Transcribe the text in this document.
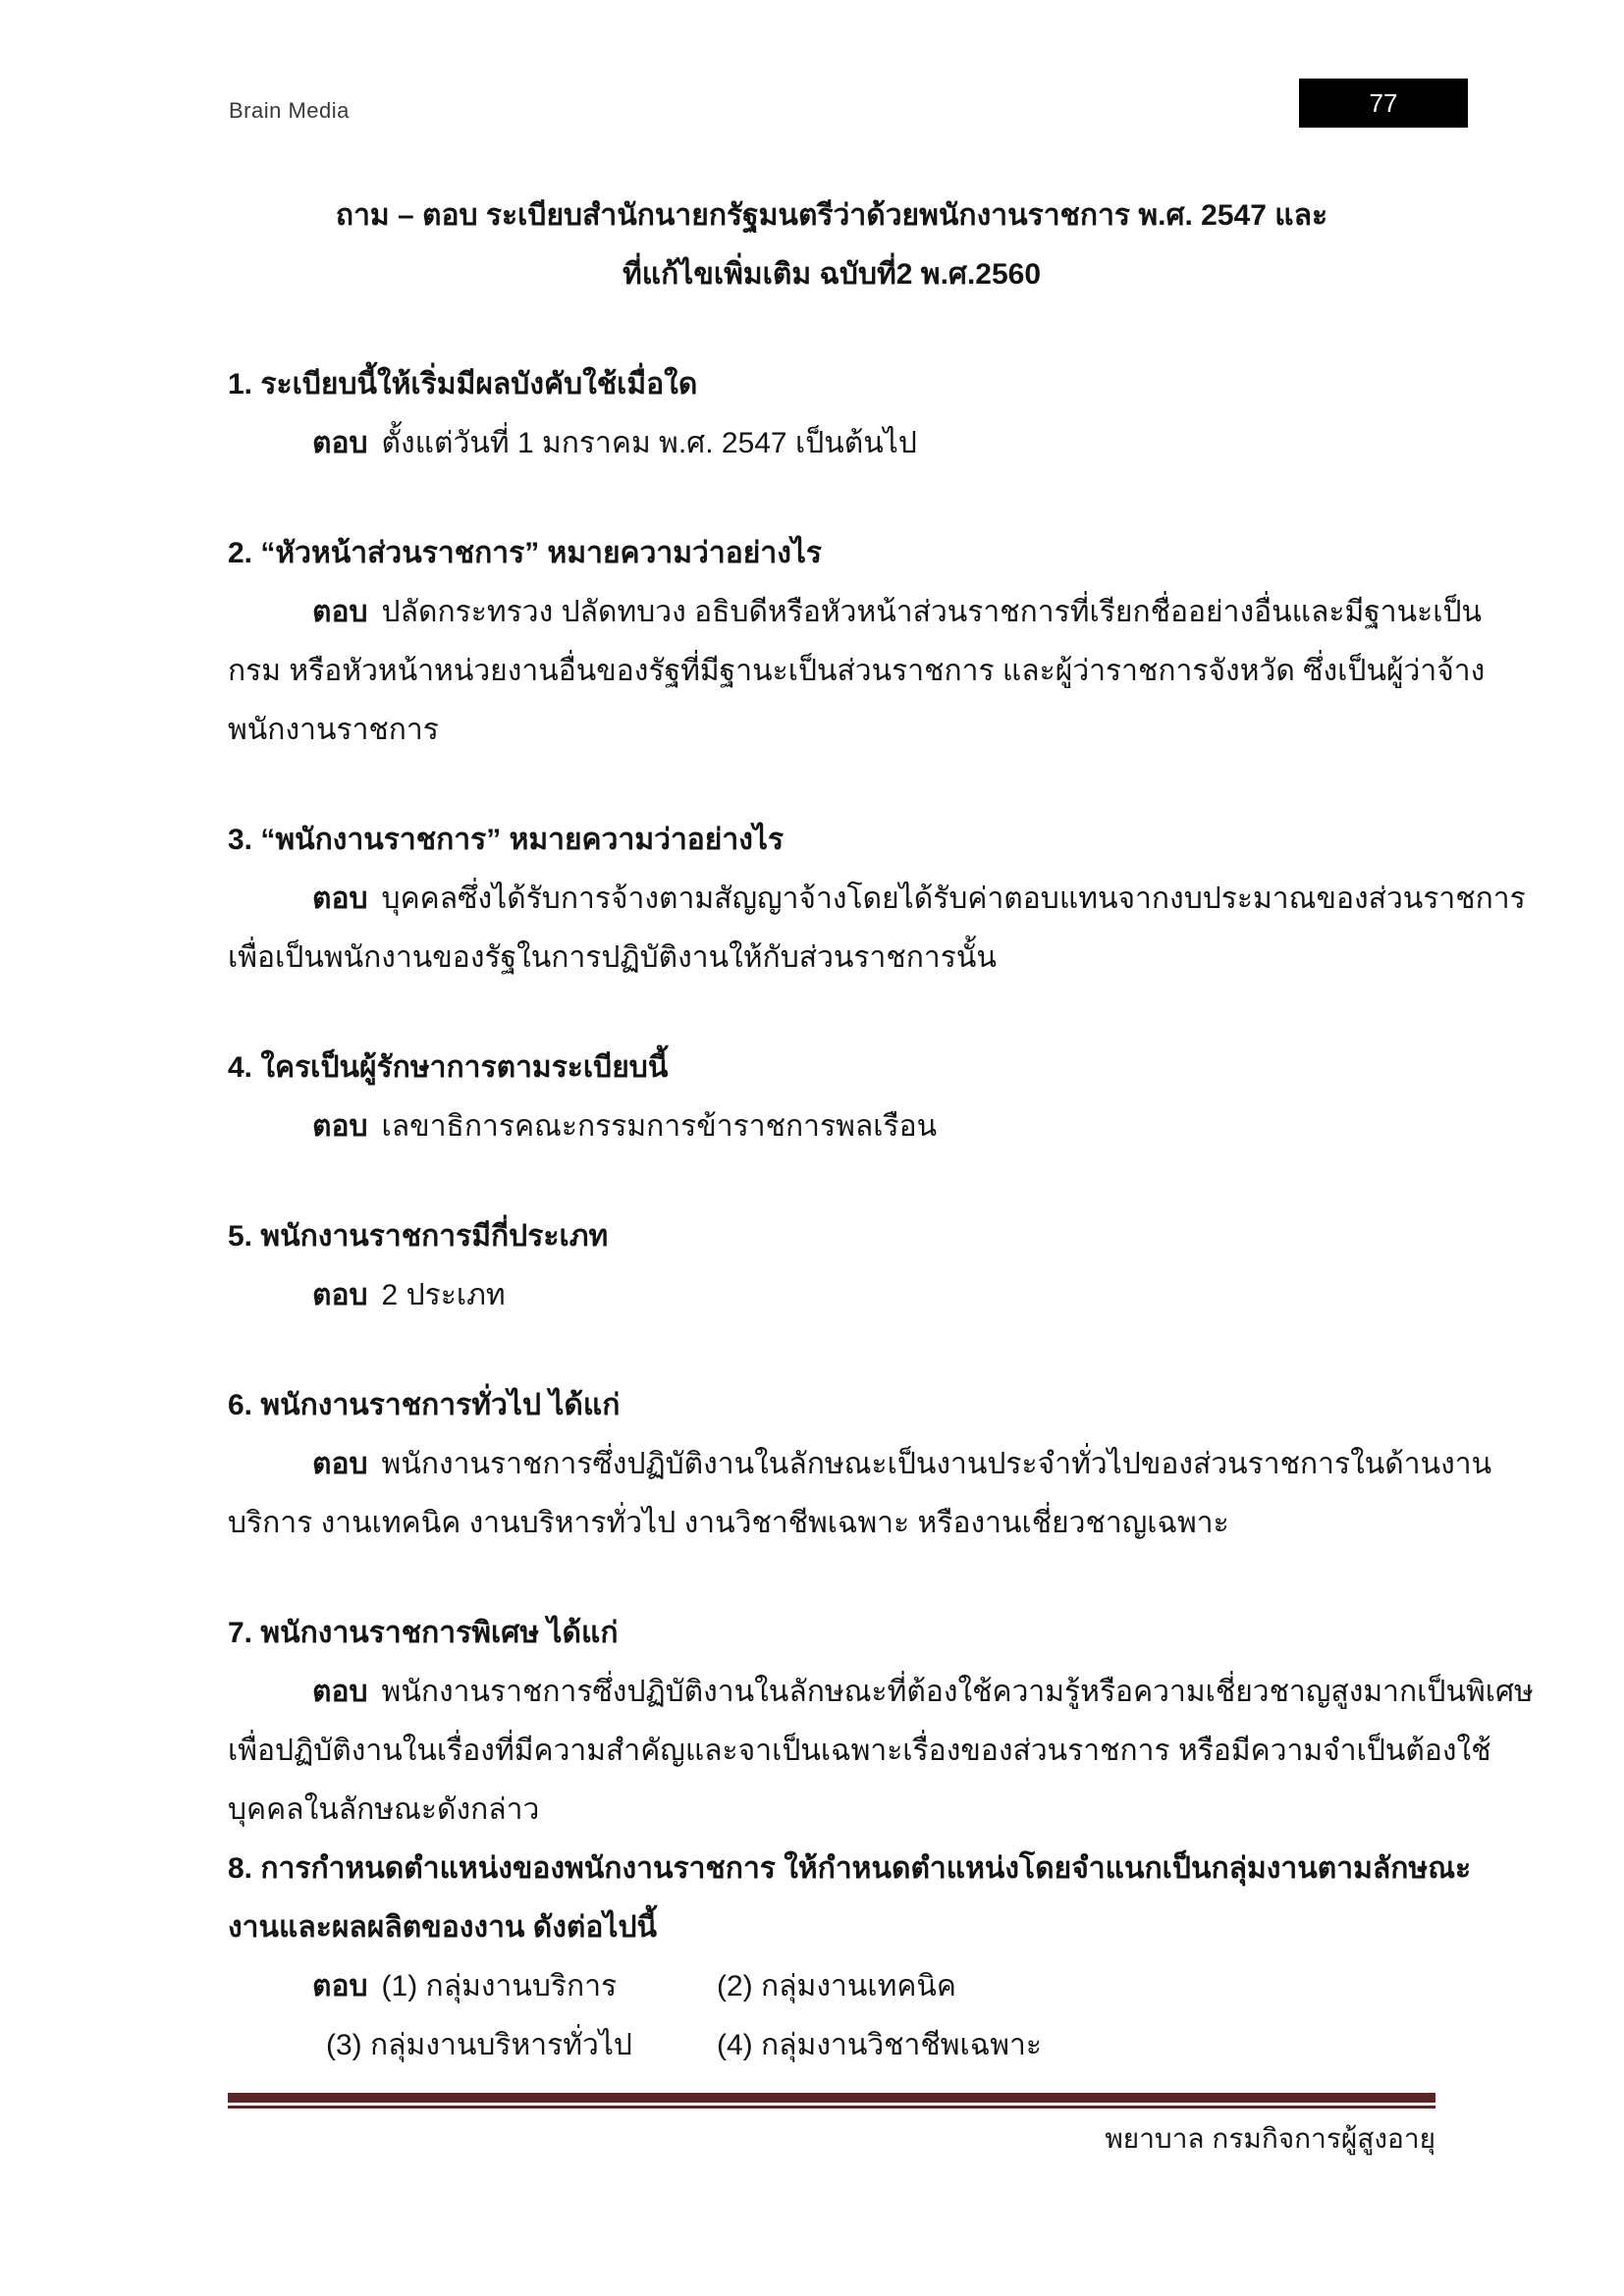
Brain Media	77
ถาม – ตอบ ระเบียบสำนักนายกรัฐมนตรีว่าด้วยพนักงานราชการ พ.ศ. 2547 และ
ที่แก้ไขเพิ่มเติม ฉบับที่2 พ.ศ.2560
1. ระเบียบนี้ให้เริ่มมีผลบังคับใช้เมื่อใด
ตอบ ตั้งแต่วันที่ 1 มกราคม พ.ศ. 2547 เป็นต้นไป
2. “หัวหน้าส่วนราชการ” หมายความว่าอย่างไร
ตอบ ปลัดกระทรวง ปลัดทบวง อธิบดีหรือหัวหน้าส่วนราชการที่เรียกชื่ออย่างอื่นและมีฐานะเป็น
กรม หรือหัวหน้าหน่วยงานอื่นของรัฐที่มีฐานะเป็นส่วนราชการ และผู้ว่าราชการจังหวัด ซึ่งเป็นผู้ว่าจ้าง
พนักงานราชการ
3. “พนักงานราชการ” หมายความว่าอย่างไร
ตอบ บุคคลซึ่งได้รับการจ้างตามสัญญาจ้างโดยได้รับค่าตอบแทนจากงบประมาณของส่วนราชการ
เพื่อเป็นพนักงานของรัฐในการปฏิบัติงานให้กับส่วนราชการนั้น
4. ใครเป็นผู้รักษาการตามระเบียบนี้
ตอบ เลขาธิการคณะกรรมการข้าราชการพลเรือน
5. พนักงานราชการมีกี่ประเภท
ตอบ 2 ประเภท
6. พนักงานราชการทั่วไป ได้แก่
ตอบ พนักงานราชการซึ่งปฏิบัติงานในลักษณะเป็นงานประจำทั่วไปของส่วนราชการในด้านงาน
บริการ งานเทคนิค งานบริหารทั่วไป งานวิชาชีพเฉพาะ หรืองานเชี่ยวชาญเฉพาะ
7. พนักงานราชการพิเศษ ได้แก่
ตอบ พนักงานราชการซึ่งปฏิบัติงานในลักษณะที่ต้องใช้ความรู้หรือความเชี่ยวชาญสูงมากเป็นพิเศษ
เพื่อปฏิบัติงานในเรื่องที่มีความสำคัญและจาเป็นเฉพาะเรื่องของส่วนราชการ หรือมีความจำเป็นต้องใช้
บุคคลในลักษณะดังกล่าว
8. การกำหนดตำแหน่งของพนักงานราชการ ให้กำหนดตำแหน่งโดยจำแนกเป็นกลุ่มงานตามลักษณะ
งานและผลผลิตของงาน ดังต่อไปนี้
ตอบ (1) กลุ่มงานบริการ	(2) กลุ่มงานเทคนิค
(3) กลุ่มงานบริหารทั่วไป	(4) กลุ่มงานวิชาชีพเฉพาะ
พยาบาล กรมกิจการผู้สูงอายุ
